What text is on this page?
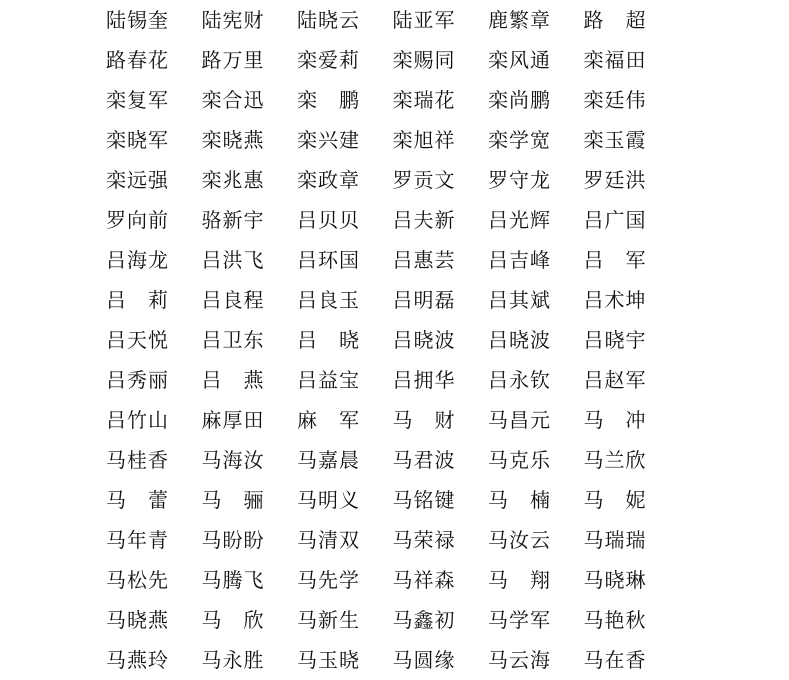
陆锡奎	陆宪财	陆晓云	陆亚军	鹿繁章	路　超
路春花	路万里	栾爱莉	栾赐同	栾风通	栾福田
栾复军	栾合迅	栾　鹏	栾瑞花	栾尚鹏	栾廷伟
栾晓军	栾晓燕	栾兴建	栾旭祥	栾学宽	栾玉霞
栾远强	栾兆惠	栾政章	罗贡文	罗守龙	罗廷洪
罗向前	骆新宇	吕贝贝	吕夫新	吕光辉	吕广国
吕海龙	吕洪飞	吕环国	吕惠芸	吕吉峰	吕　军
吕　莉	吕良程	吕良玉	吕明磊	吕其斌	吕术坤
吕天悦	吕卫东	吕　晓	吕晓波	吕晓波	吕晓宇
吕秀丽	吕　燕	吕益宝	吕拥华	吕永钦	吕赵军
吕竹山	麻厚田	麻　军	马　财	马昌元	马　冲
马桂香	马海汝	马嘉晨	马君波	马克乐	马兰欣
马　蕾	马　骊	马明义	马铭键	马　楠	马　妮
马年青	马盼盼	马清双	马荣禄	马汝云	马瑞瑞
马松先	马腾飞	马先学	马祥森	马　翔	马晓琳
马晓燕	马　欣	马新生	马鑫初	马学军	马艳秋
马燕玲	马永胜	马玉晓	马圆缘	马云海	马在香
